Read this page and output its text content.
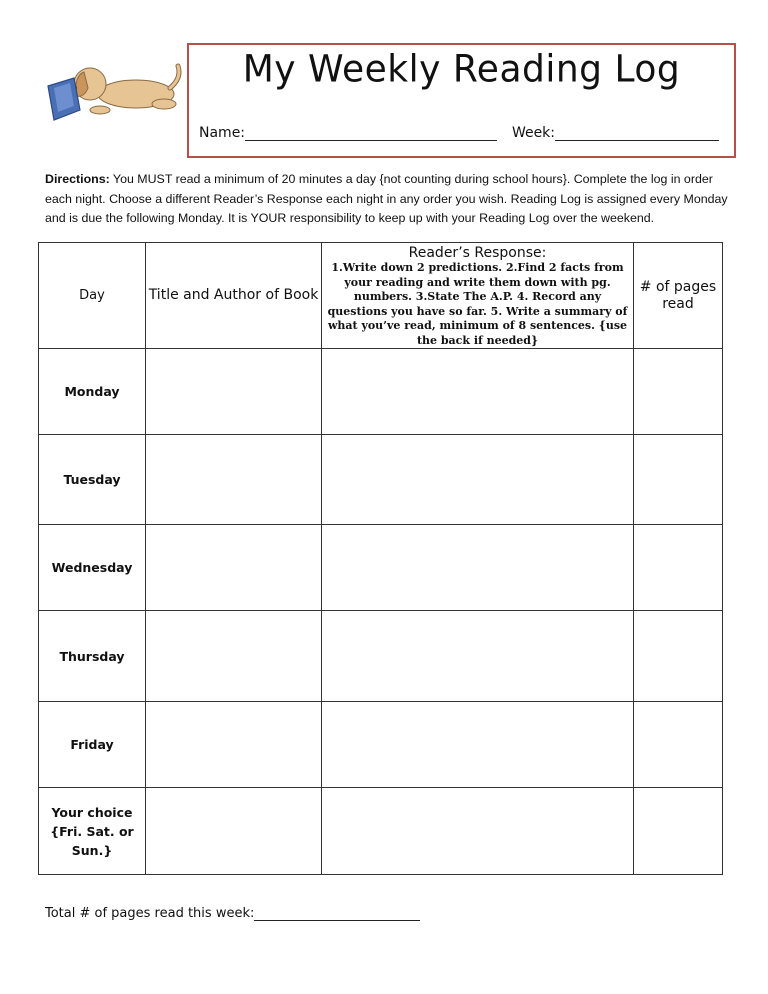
My Weekly Reading Log
Name:	Week:
Directions: You MUST read a minimum of 20 minutes a day {not counting during school hours}. Complete the log in order each night. Choose a different Reader’s Response each night in any order you wish. Reading Log is assigned every Monday and is due the following Monday. It is YOUR responsibility to keep up with your Reading Log over the weekend.
Day	Title and Author of Book	Reader’s Response:
1.Write down 2 predictions. 2.Find 2 facts from your reading and write them down with pg. numbers. 3.State The A.P. 4. Record any questions you have so far. 5. Write a summary of what you’ve read, minimum of 8 sentences. {use the back if needed}	# of pages read
Monday			
Tuesday			
Wednesday			
Thursday			
Friday			
Your choice {Fri. Sat. or Sun.}			
Total # of pages read this week:
